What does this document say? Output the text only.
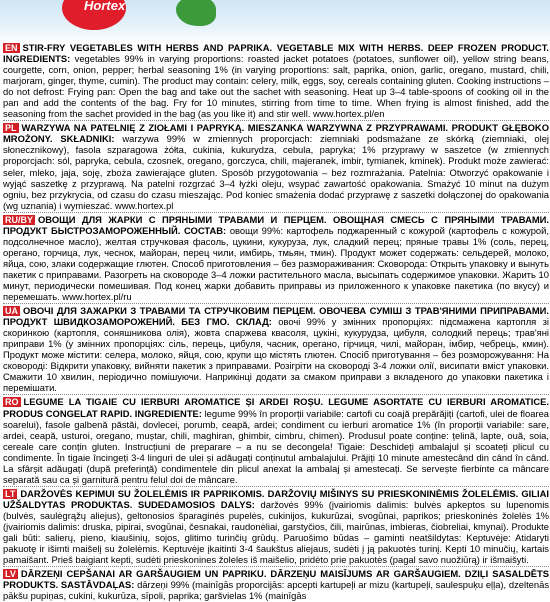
Hortex
EN STIR-FRY VEGETABLES WITH HERBS AND PAPRIKA. VEGETABLE MIX WITH HERBS. DEEP FROZEN PRODUCT. INGREDIENTS: vegetables 99% in varying proportions: roasted jacket potatoes (potatoes, sunflower oil), yellow string beans, courgette, corn, onion, pepper; herbal seasoning 1% (in varying proportions: salt, paprika, onion, garlic, oregano, mustard, chili, marjoram, ginger, thyme, cumin). The product may contain: celery, milk, eggs, soy, cereals containing gluten. Cooking instructions – do not defrost: Frying pan: Open the bag and take out the sachet with seasoning. Heat up 3–4 table-spoons of cooking oil in the pan and add the contents of the bag. Fry for 10 minutes, stirring from time to time. When frying is almost finished, add the seasoning from the sachet provided in the bag (as you like it) and stir well. www.hortex.pl/en
PL WARZYWA NA PATELNIĘ Z ZIOŁAMI I PAPRYKĄ. MIESZANKA WARZYWNA Z PRZYPRAWAMI. PRODUKT GŁĘBOKO MROŻONY. SKŁADNIKI: warzywa 99% w zmiennych proporcjach: ziemniaki podsmażane ze skórką (ziemniaki, olej słonecznikowy), fasola szparagowa żółta, cukinia, kukurydza, cebula, papryka; 1% przyprawy w saszetce (w zmiennych proporcjach: sól, papryka, cebula, czosnek, oregano, gorczyca, chili, majeranek, imbir, tymianek, kminek). Produkt może zawierać: seler, mleko, jaja, soję, zboża zawierające gluten. Sposób przygotowania – bez rozmrażania. Patelnia: Otworzyć opakowanie i wyjąć saszetkę z przyprawą. Na patelni rozgrzać 3–4 łyżki oleju, wsypać zawartość opakowania. Smażyć 10 minut na dużym ogniu, bez przykrycia, od czasu do czasu mieszając. Pod koniec smażenia dodać przyprawę z saszetki dołączonej do opakowania (wg uznania) i wymieszać. www.hortex.pl
RU/BY ОВОЩИ ДЛЯ ЖАРКИ С ПРЯНЫМИ ТРАВАМИ И ПЕРЦЕМ. ОВОЩНАЯ СМЕСЬ С ПРЯНЫМИ ТРАВАМИ. ПРОДУКТ БЫСТРОЗАМОРОЖЕННЫЙ. СОСТАВ: овощи 99%: картофель поджаренный с кожурой (картофель с кожурой, подсолнечное масло), желтая стручковая фасоль, цукини, кукуруза, лук, сладкий перец; пряные травы 1% (соль, перец, орегано, горчица, лук, чеснок, майоран, перец чили, имбирь, тмьян, тмин). Продукт может содержать: сельдерей, молоко, яйца, сою, злаки содержащие глютен. Способ приготовления – без размораживания: Сковорода: Открыть упаковку и вынуть пакетик с приправами. Разогреть на сковороде 3–4 ложки растительного масла, высыпать содержимое упаковки. Жарить 10 минут, периодически помешивая. Под конец жарки добавить приправы из приложенного к упаковке пакетика (по вкусу) и перемешать. www.hortex.pl/ru
UA ОВОЧІ ДЛЯ ЗАЖАРКИ З ТРАВАМИ ТА СТРУЧКОВИМ ПЕРЦЕМ. ОВОЧЕВА СУМІШ З ТРАВ'ЯНИМИ ПРИПРАВАМИ. ПРОДУКТ ШВИДКОЗАМОРОЖЕНИЙ. БЕЗ ГМО. СКЛАД: овочі 99% у змінних пропорціях: підсмажена картопля зі скоринкою (картопля, соняшникова олія), жовта спаржева квасоля, цукіні, кукурудза, цибуля, солодкий перець; трав'яні приправи 1% (у змінних пропорціях: сіль, перець, цибуля, часник, орегано, гірчиця, чилі, майоран, імбир, чебрець, кмин). Продукт може містити: селера, молоко, яйця, сою, крупи що містять глютен. Спосіб приготування – без розморожування: На сковороді: Відкрити упаковку, вийняти пакетик з приправами. Розігріти на сковороді 3-4 ложки олії, висипати вміст упаковки. Смажити 10 хвилин, періодично помішуючи. Наприкінці додати за смаком приправи з вкладеного до упаковки пакетика і перемішати.
RO LEGUME LA TIGAIE CU IERBURI AROMATICE ȘI ARDEI ROȘU. LEGUME ASORTATE CU IERBURI AROMATICE. PRODUS CONGELAT RAPID. INGREDIENTE: legume 99% în proporții variabile: cartofi cu coajă prepărăjiți (cartofi, ulei de floarea soarelui), fasole galbenă păstăi, dovlecei, porumb, ceapă, ardei; condiment cu ierburi aromatice 1% (în proporții variabile: sare, ardei, ceapă, usturoi, oregano, muștar, chili, maghiran, ghimbir, cimbru, chimen). Produsul poate conține: țelină, lapte, ouă, soia, cereale care conțin gluten. Instrucțiuni de preparare – a nu se decongela! Tigaie: Deschideți ambalajul și scoateți plicul cu condimente. În tigaie încingeți 3-4 linguri de ulei și adăugați conținutul ambalajului. Prăjiți 10 minute amestecând din când în când. La sfârșit adăugați (după preferință) condimentele din plicul anexat la ambalaj și amestecați. Se servește fierbinte ca mâncare separată sau ca și garnitură pentru felul doi de mâncare.
LT DARŽOVĖS KEPIMUI SU ŽOLELĖMIS IR PAPRIKOMIS. DARŽOVIŲ MIŠINYS SU PRIESKONINĖMIS ŽOLELĖMIS. GILIAI UŽŠALDYTAS PRODUKTAS. SUDEDAMOSIOS DALYS: daržovės 99% (įvairiomis dalimis: bulvės apkeptos su lupenomis (bulvės, saulėgrąžų aliejus), geltonosios šparaginės pupelės, cukinijos, kukurūzai, svogūnai, paprikos; prieskoninės žolelės 1% (įvairiomis dalimis: druska, pipirai, svogūnai, česnakai, raudonėliai, garstyčios, čili, mairūnas, imbieras, čiobreliai, kmynai). Produkte gali būti: salierų, pieno, kiaušinių, sojos, glitimo turinčių grūdų. Paruošimo būdas – gaminti neatšildytas: Keptuvėje: Atidaryti pakuotę ir išimti maišelį su žolelėmis. Keptuvėje įkaitinti 3-4 šaukštus aliejaus, sudėti į ją pakuotės turinį. Kepti 10 minučių, kartais pamaišant. Prieš baigiant kepti, sudėti prieskonines žoleles iš maišelio, pridėto prie pakuotės (pagal savo nuožiūrą) ir išmaišyti.
LV DĀRZEŅI CEPŠANAI AR GARŠAUGIEM UN PAPRIKU. DĀRZEŅU MAISĪJUMS AR GARŠAUGIEM. DZIĻI SASALDĒTS PRODUKTS. SASTĀVDAĻAS: dārzeņi 99% (mainīgās proporcijās: apcepti kartupeļi ar mizu (kartupeļi, saulespuķu eļļa), dzeltenās pākšu pupiņas, cukini, kukurūza, sīpoli, paprika; garšvielas 1% (mainīgās
